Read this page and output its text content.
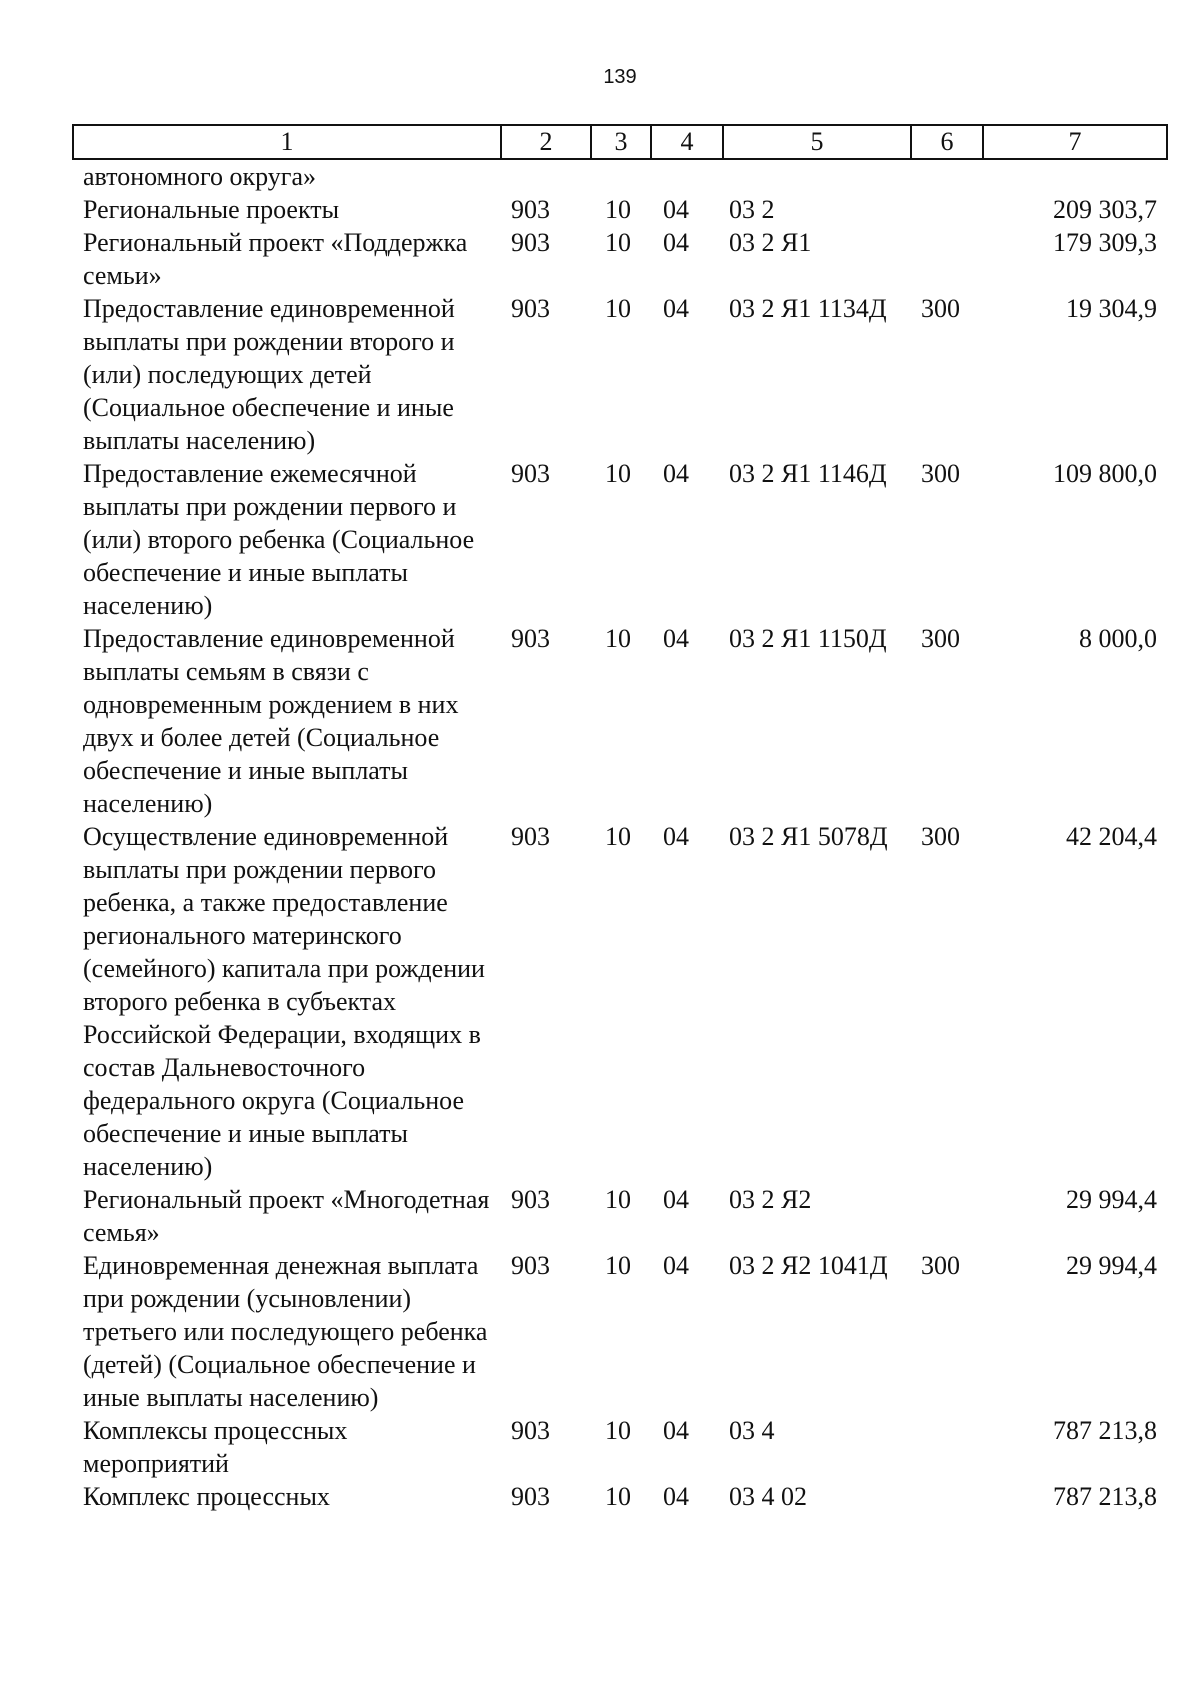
139
1	2	3	4	5	6	7
автономного округа»						
Региональные проекты	903	10	04	03 2		209 303,7
Региональный проект «Поддержка семьи»	903	10	04	03 2 Я1		179 309,3
Предоставление единовременной выплаты при рождении второго и (или) последующих детей (Социальное обеспечение и иные выплаты населению)	903	10	04	03 2 Я1 1134Д	300	19 304,9
Предоставление ежемесячной выплаты при рождении первого и (или) второго ребенка (Социальное обеспечение и иные выплаты населению)	903	10	04	03 2 Я1 1146Д	300	109 800,0
Предоставление единовременной выплаты семьям в связи с одновременным рождением в них двух и более детей (Социальное обеспечение и иные выплаты населению)	903	10	04	03 2 Я1 1150Д	300	8 000,0
Осуществление единовременной выплаты при рождении первого ребенка, а также предоставление регионального материнского (семейного) капитала при рождении второго ребенка в субъектах Российской Федерации, входящих в состав Дальневосточного федерального округа (Социальное обеспечение и иные выплаты населению)	903	10	04	03 2 Я1 5078Д	300	42 204,4
Региональный проект «Многодетная семья»	903	10	04	03 2 Я2		29 994,4
Единовременная денежная выплата при рождении (усыновлении) третьего или последующего ребенка (детей) (Социальное обеспечение и иные выплаты населению)	903	10	04	03 2 Я2 1041Д	300	29 994,4
Комплексы процессных мероприятий	903	10	04	03 4		787 213,8
Комплекс процессных	903	10	04	03 4 02		787 213,8
